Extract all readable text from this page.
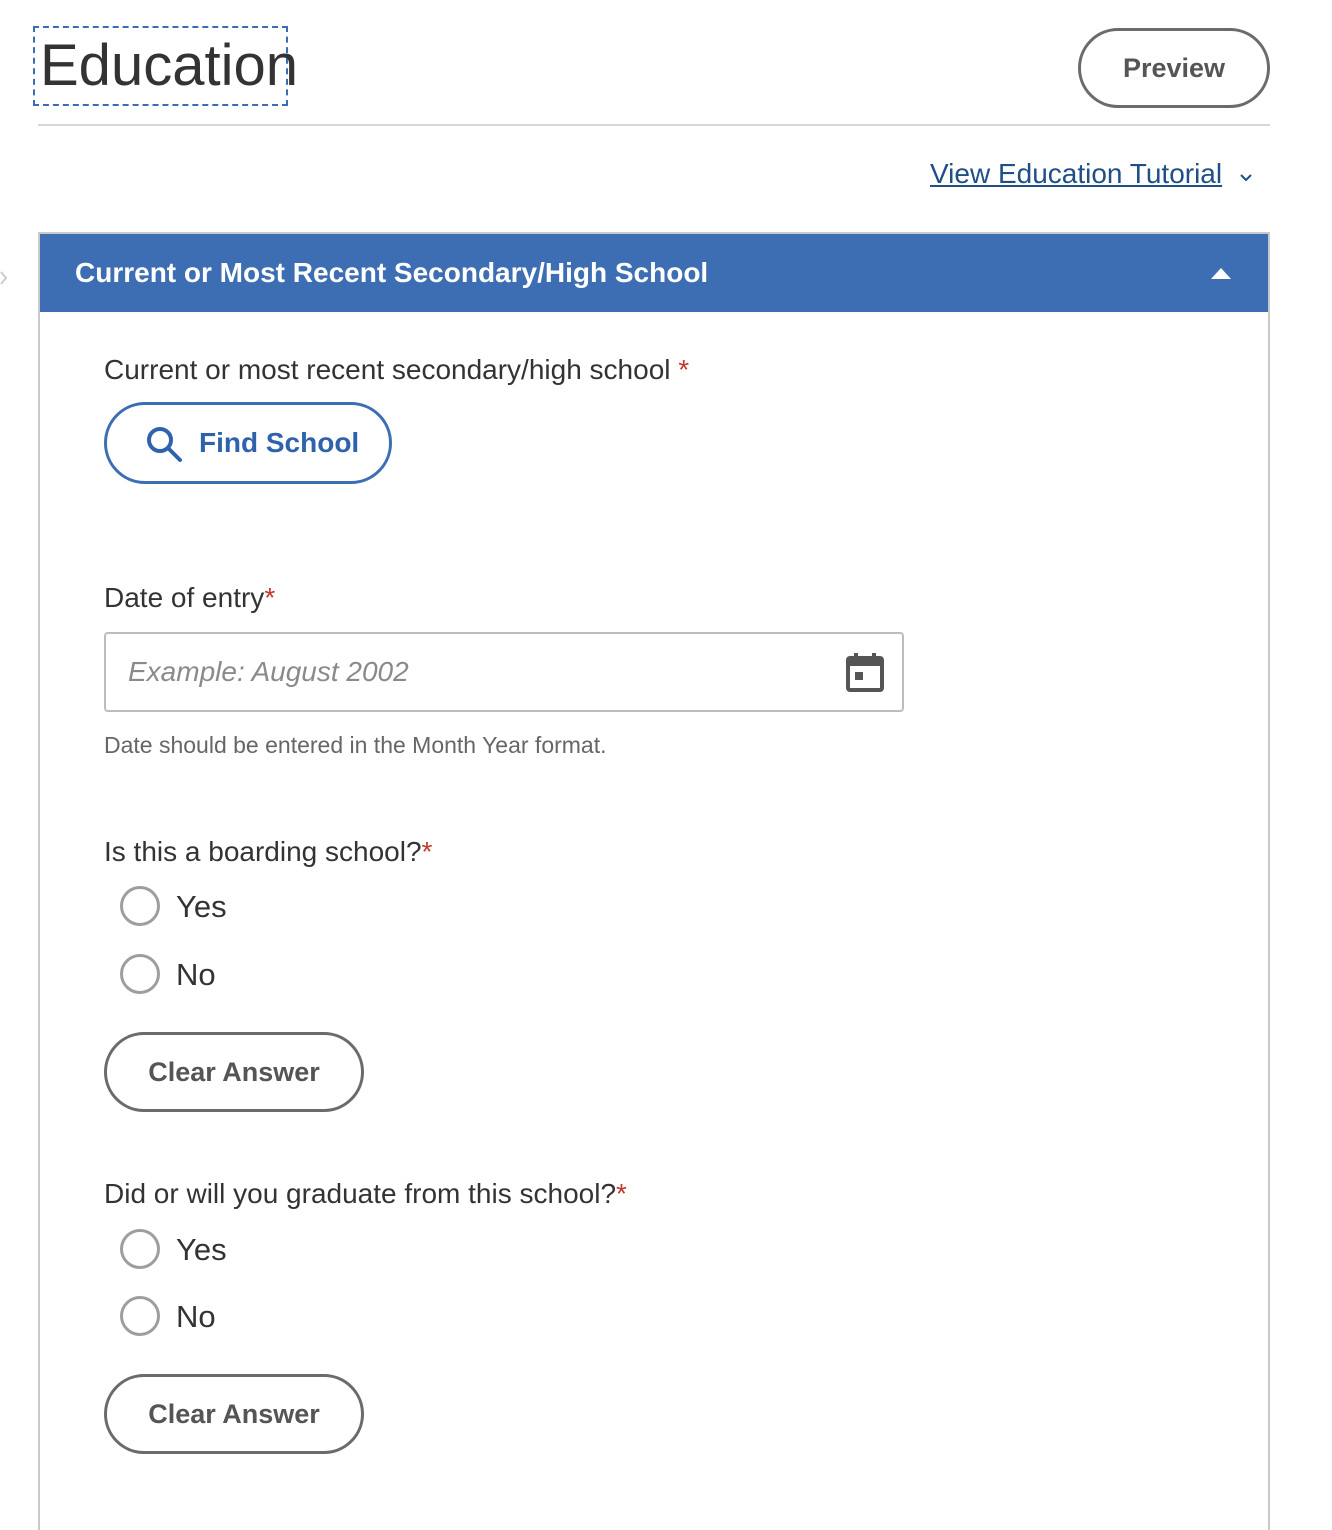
Education	Preview
View Education Tutorial
Current or Most Recent Secondary/High School
Current or most recent secondary/high school *
Find School
Date of entry*
Example: August 2002
Date should be entered in the Month Year format.
Is this a boarding school?*
Yes
No
Clear Answer
Did or will you graduate from this school?*
Yes
No
Clear Answer
